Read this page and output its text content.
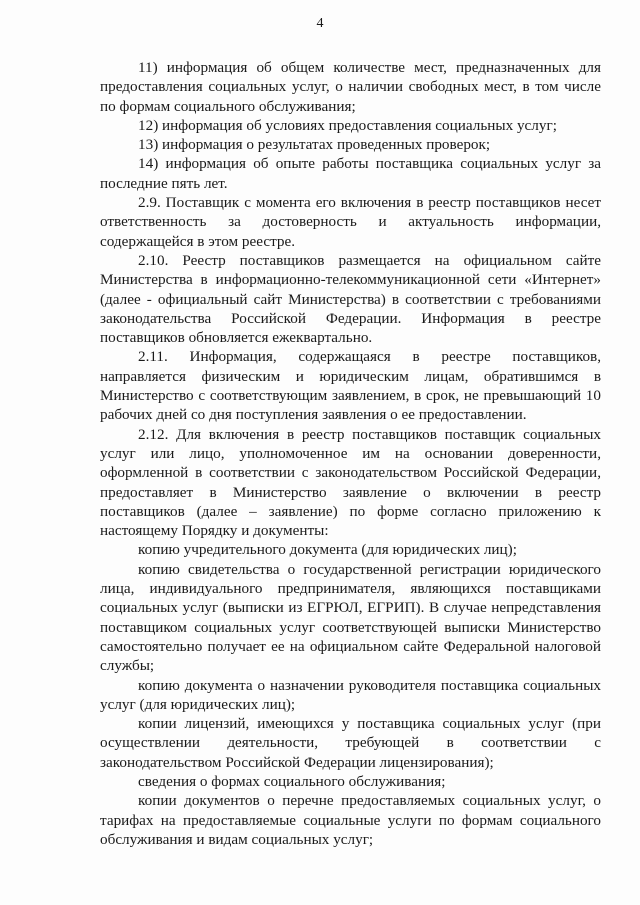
4

11) информация об общем количестве мест, предназначенных для предоставления социальных услуг, о наличии свободных мест, в том числе по формам социального обслуживания;

12) информация об условиях предоставления социальных услуг;

13) информация о результатах проведенных проверок;

14) информация об опыте работы поставщика социальных услуг за последние пять лет.

2.9. Поставщик с момента его включения в реестр поставщиков несет ответственность за достоверность и актуальность информации, содержащейся в этом реестре.

2.10. Реестр поставщиков размещается на официальном сайте Министерства в информационно-телекоммуникационной сети «Интернет» (далее - официальный сайт Министерства) в соответствии с требованиями законодательства Российской Федерации. Информация в реестре поставщиков обновляется ежеквартально.

2.11. Информация, содержащаяся в реестре поставщиков, направляется физическим и юридическим лицам, обратившимся в Министерство с соответствующим заявлением, в срок, не превышающий 10 рабочих дней со дня поступления заявления о ее предоставлении.

2.12. Для включения в реестр поставщиков поставщик социальных услуг или лицо, уполномоченное им на основании доверенности, оформленной в соответствии с законодательством Российской Федерации, предоставляет в Министерство заявление о включении в реестр поставщиков (далее – заявление) по форме согласно приложению к настоящему Порядку и документы:

копию учредительного документа (для юридических лиц);

копию свидетельства о государственной регистрации юридического лица, индивидуального предпринимателя, являющихся поставщиками социальных услуг (выписки из ЕГРЮЛ, ЕГРИП). В случае непредставления поставщиком социальных услуг соответствующей выписки Министерство самостоятельно получает ее на официальном сайте Федеральной налоговой службы;

копию документа о назначении руководителя поставщика социальных услуг (для юридических лиц);

копии лицензий, имеющихся у поставщика социальных услуг (при осуществлении деятельности, требующей в соответствии с законодательством Российской Федерации лицензирования);

сведения о формах социального обслуживания;

копии документов о перечне предоставляемых социальных услуг, о тарифах на предоставляемые социальные услуги по формам социального обслуживания и видам социальных услуг;
